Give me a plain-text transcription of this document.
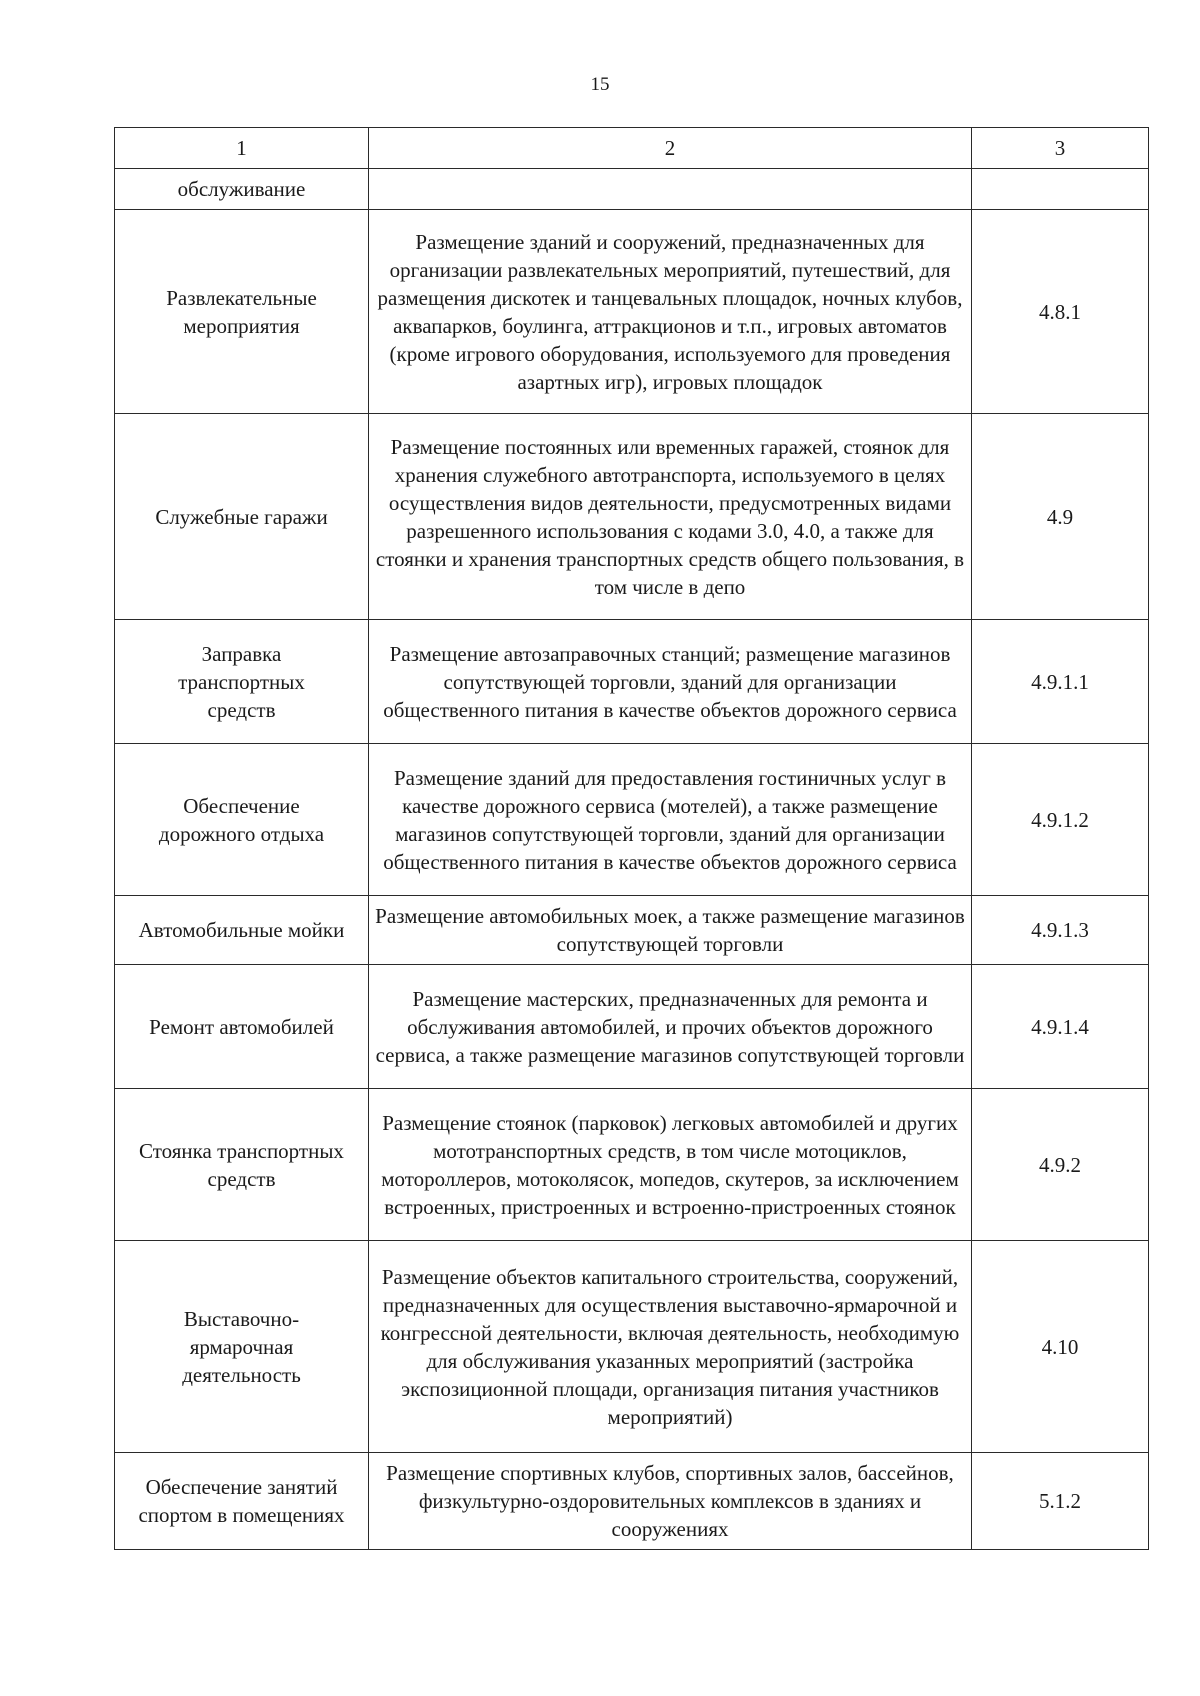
15
1	2	3
обслуживание		
Развлекательные мероприятия	Размещение зданий и сооружений, предназначенных для организации развлекательных мероприятий, путешествий, для размещения дискотек и танцевальных площадок, ночных клубов, аквапарков, боулинга, аттракционов и т.п., игровых автоматов (кроме игрового оборудования, используемого для проведения азартных игр), игровых площадок	4.8.1
Служебные гаражи	Размещение постоянных или временных гаражей, стоянок для хранения служебного автотранспорта, используемого в целях осуществления видов деятельности, предусмотренных видами разрешенного использования с кодами 3.0, 4.0, а также для стоянки и хранения транспортных средств общего пользования, в том числе в депо	4.9
Заправка транспортных средств	Размещение автозаправочных станций; размещение магазинов сопутствующей торговли, зданий для организации общественного питания в качестве объектов дорожного сервиса	4.9.1.1
Обеспечение дорожного отдыха	Размещение зданий для предоставления гостиничных услуг в качестве дорожного сервиса (мотелей), а также размещение магазинов сопутствующей торговли, зданий для организации общественного питания в качестве объектов дорожного сервиса	4.9.1.2
Автомобильные мойки	Размещение автомобильных моек, а также размещение магазинов сопутствующей торговли	4.9.1.3
Ремонт автомобилей	Размещение мастерских, предназначенных для ремонта и обслуживания автомобилей, и прочих объектов дорожного сервиса, а также размещение магазинов сопутствующей торговли	4.9.1.4
Стоянка транспортных средств	Размещение стоянок (парковок) легковых автомобилей и других мототранспортных средств, в том числе мотоциклов, мотороллеров, мотоколясок, мопедов, скутеров, за исключением встроенных, пристроенных и встроенно-пристроенных стоянок	4.9.2
Выставочно-ярмарочная деятельность	Размещение объектов капитального строительства, сооружений, предназначенных для осуществления выставочно-ярмарочной и конгрессной деятельности, включая деятельность, необходимую для обслуживания указанных мероприятий (застройка экспозиционной площади, организация питания участников мероприятий)	4.10
Обеспечение занятий спортом в помещениях	Размещение спортивных клубов, спортивных залов, бассейнов, физкультурно-оздоровительных комплексов в зданиях и сооружениях	5.1.2
